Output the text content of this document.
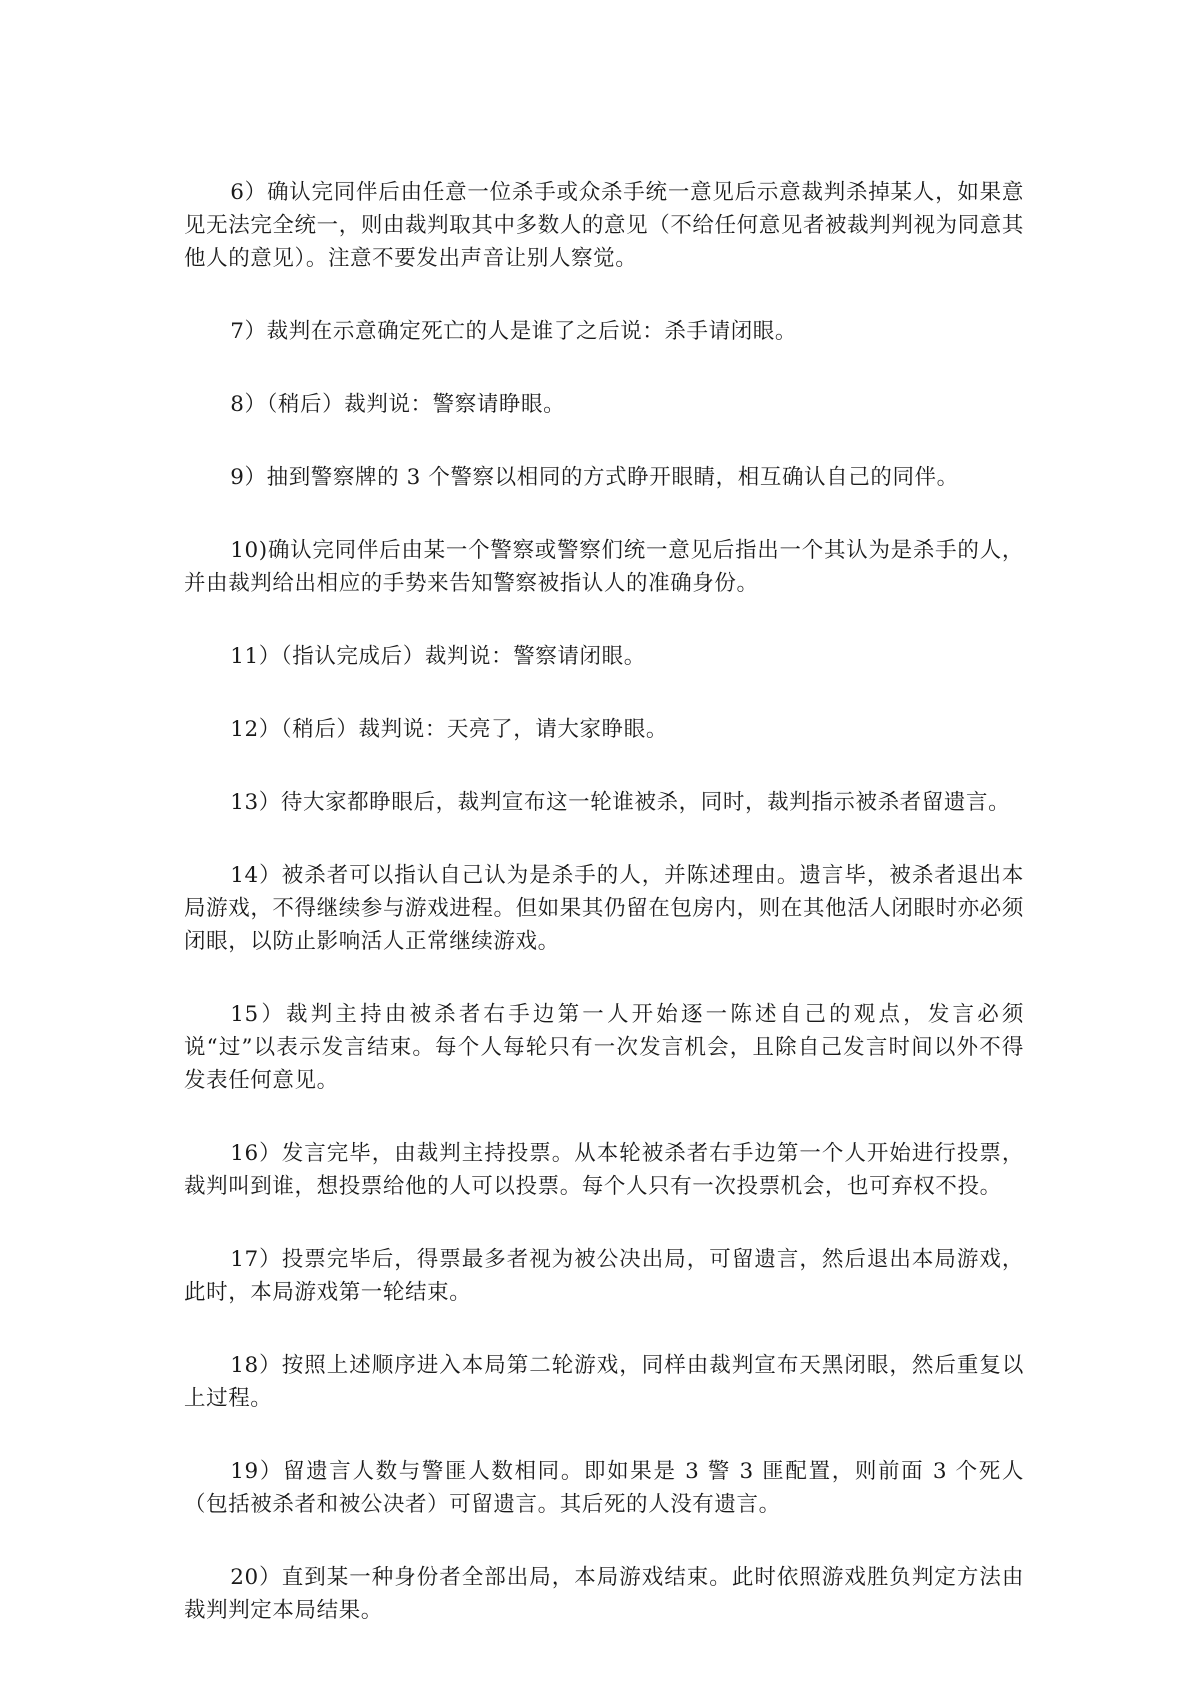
6）确认完同伴后由任意一位杀手或众杀手统一意见后示意裁判杀掉某人，如果意见无法完全统一，则由裁判取其中多数人的意见（不给任何意见者被裁判判视为同意其他人的意见）。注意不要发出声音让别人察觉。

7）裁判在示意确定死亡的人是谁了之后说：杀手请闭眼。

8）（稍后）裁判说：警察请睁眼。

9）抽到警察牌的 3 个警察以相同的方式睁开眼睛，相互确认自己的同伴。

10)确认完同伴后由某一个警察或警察们统一意见后指出一个其认为是杀手的人，并由裁判给出相应的手势来告知警察被指认人的准确身份。

11）（指认完成后）裁判说：警察请闭眼。

12）（稍后）裁判说：天亮了，请大家睁眼。

13）待大家都睁眼后，裁判宣布这一轮谁被杀，同时，裁判指示被杀者留遗言。

14）被杀者可以指认自己认为是杀手的人，并陈述理由。遗言毕，被杀者退出本局游戏，不得继续参与游戏进程。但如果其仍留在包房内，则在其他活人闭眼时亦必须闭眼，以防止影响活人正常继续游戏。

15）裁判主持由被杀者右手边第一人开始逐一陈述自己的观点，发言必须说“过”以表示发言结束。每个人每轮只有一次发言机会，且除自己发言时间以外不得发表任何意见。

16）发言完毕，由裁判主持投票。从本轮被杀者右手边第一个人开始进行投票，裁判叫到谁，想投票给他的人可以投票。每个人只有一次投票机会，也可弃权不投。

17）投票完毕后，得票最多者视为被公决出局，可留遗言，然后退出本局游戏，此时，本局游戏第一轮结束。

18）按照上述顺序进入本局第二轮游戏，同样由裁判宣布天黑闭眼，然后重复以上过程。

19）留遗言人数与警匪人数相同。即如果是 3 警 3 匪配置，则前面 3 个死人（包括被杀者和被公决者）可留遗言。其后死的人没有遗言。

20）直到某一种身份者全部出局，本局游戏结束。此时依照游戏胜负判定方法由裁判判定本局结果。
